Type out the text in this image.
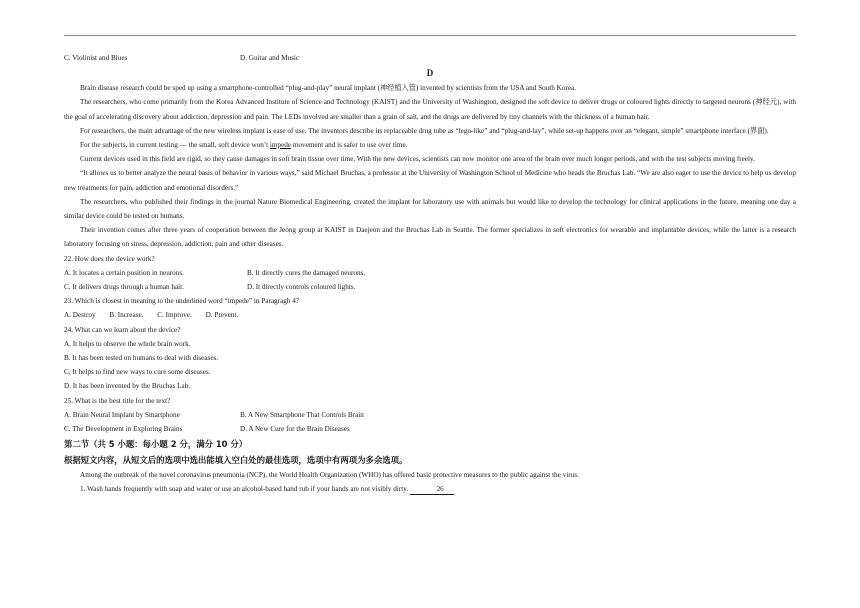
C. Violinist and Blues	D. Guitar and Music
D
Brain disease research could be sped up using a smartphone-controlled “plug-and-play” neural implant (神经植入管) invented by scientists from the USA and South Korea.
The researchers, who come primarily from the Korea Advanced Institute of Science and Technology (KAIST) and the University of Washington, designed the soft device to deliver drugs or coloured lights directly to targeted neurons (神经元), with the goal of accelerating discovery about addiction, depression and pain. The LEDs involved are smaller than a grain of salt, and the drugs are delivered by tiny channels with the thickness of a human hair.
For researchers, the main advantage of the new wireless implant is ease of use. The inventors describe its replaceable drug tube as “lego-like” and “plug-and-lay”, while set-up happens over an “elegant, simple” smartphone interface (界面).
For the subjects, in current testing — the small, soft device won’t impede movement and is safer to use over time.
Current devices used in this field are rigid, so they cause damages in soft brain tissue over time. With the new devices, scientists can now monitor one area of the brain over much longer periods, and with the test subjects moving freely.
“It allows us to better analyze the neural basis of behavior in various ways,” said Michael Bruchas, a professor at the University of Washington School of Medicine who heads the Bruchas Lab. “We are also eager to use the device to help us develop new treatments for pain, addiction and emotional disorders.”
The researchers, who published their findings in the journal Nature Biomedical Engineering, created the implant for laboratory use with animals but would like to develop the technology for clinical applications in the future, meaning one day a similar device could be tested on humans.
Their invention comes after three years of cooperation between the Jeong group at KAIST in Daejeon and the Bruchas Lab in Seattle. The former specializes in soft electronics for wearable and implantable devices, while the latter is a research laboratory focusing on stress, depression, addiction, pain and other diseases.
22. How does the device work?
A. It locates a certain position in neurons.	B. It directly cures the damaged neurons.
C. It delivers drugs through a human hair.	D. It directly controls coloured lights.
23. Which is closest in meaning to the underlined word “impede” in Paragragh 4?
A. Destroy B. Increase. C. Improve. D. Prevent.
24. What can we learn about the device?
A. It helps to observe the whole brain work.
B. It has been tested on humans to deal with diseases.
C. It helps to find new ways to cure some diseases.
D. It has been invented by the Bruchas Lab.
25. What is the best title for the text?
A. Brain Neural Implant by Smartphone	B. A New Smartphone That Controls Brain
C. The Development in Exploring Brains	D. A New Cure for the Brain Diseases
第二节（共 5 小题：每小题 2 分，满分 10 分）
根据短文内容，从短文后的选项中选出能填入空白处的最佳选项，选项中有两项为多余选项。
Among the outbreak of the novel coronavirus pneumonia (NCP), the World Health Organization (WHO) has offered basic protective measures to the public against the virus.
1. Wash hands frequently with soap and water or use an alcohol-based hand rub if your hands are not visibly dirty.	26
